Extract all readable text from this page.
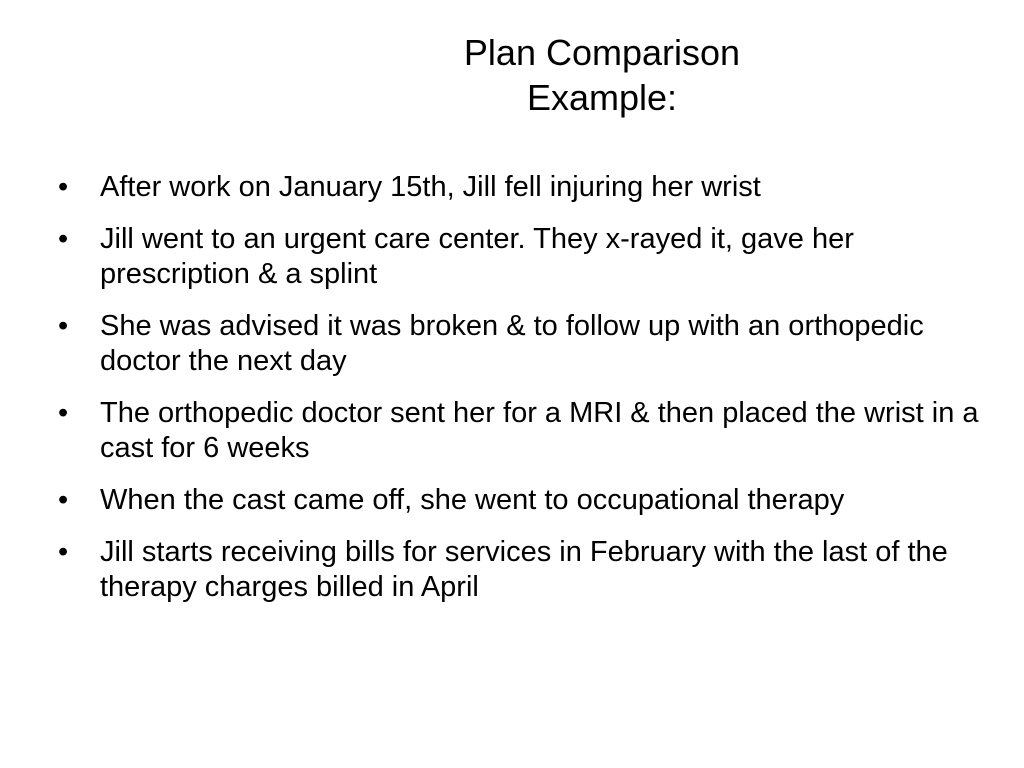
Plan Comparison
Example:
• After work on January 15th, Jill fell injuring her wrist
• Jill went to an urgent care center. They x-rayed it, gave her prescription & a splint
• She was advised it was broken & to follow up with an orthopedic doctor the next day
• The orthopedic doctor sent her for a MRI & then placed the wrist in a cast for 6 weeks
• When the cast came off, she went to occupational therapy
• Jill starts receiving bills for services in February with the last of the therapy charges billed in April
